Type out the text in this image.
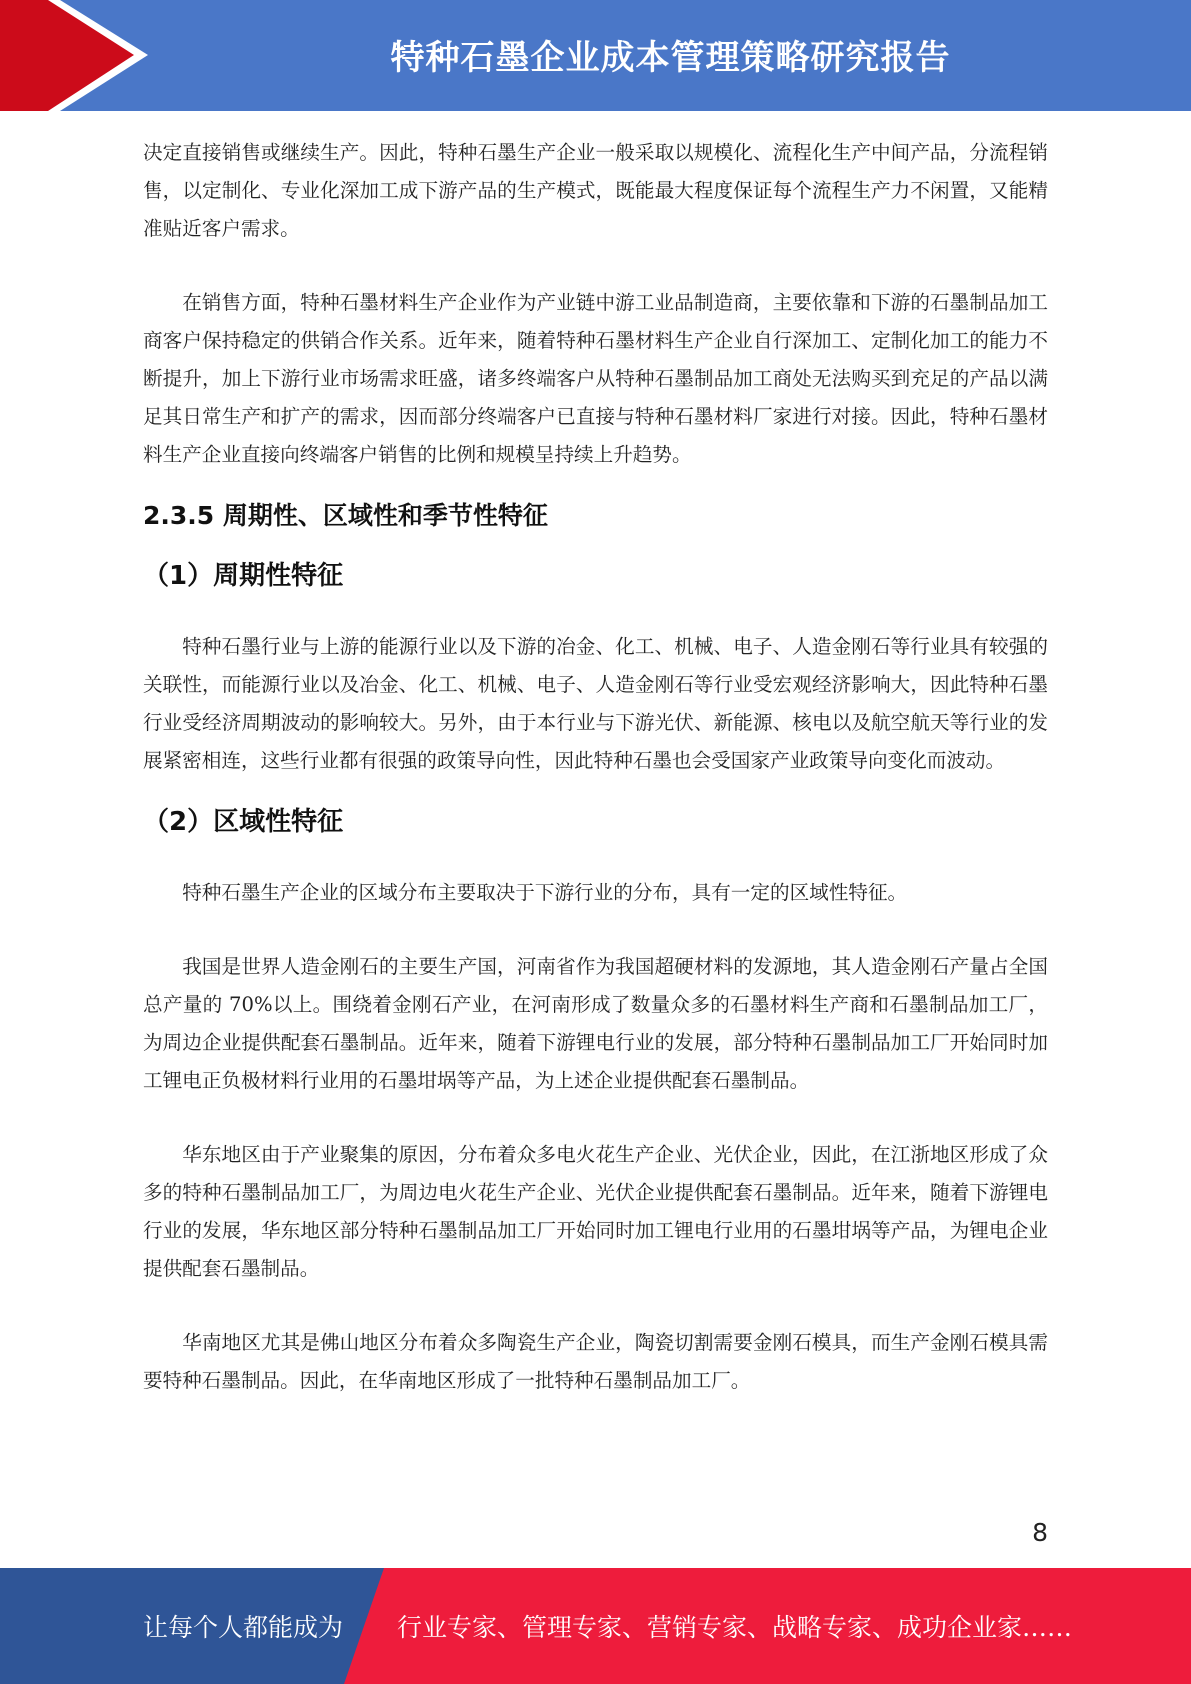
特种石墨企业成本管理策略研究报告

决定直接销售或继续生产。因此，特种石墨生产企业一般采取以规模化、流程化生产中间产品，分流程销售，以定制化、专业化深加工成下游产品的生产模式，既能最大程度保证每个流程生产力不闲置，又能精准贴近客户需求。

在销售方面，特种石墨材料生产企业作为产业链中游工业品制造商，主要依靠和下游的石墨制品加工商客户保持稳定的供销合作关系。近年来，随着特种石墨材料生产企业自行深加工、定制化加工的能力不断提升，加上下游行业市场需求旺盛，诸多终端客户从特种石墨制品加工商处无法购买到充足的产品以满足其日常生产和扩产的需求，因而部分终端客户已直接与特种石墨材料厂家进行对接。因此，特种石墨材料生产企业直接向终端客户销售的比例和规模呈持续上升趋势。

2.3.5 周期性、区域性和季节性特征
（1）周期性特征

特种石墨行业与上游的能源行业以及下游的冶金、化工、机械、电子、人造金刚石等行业具有较强的关联性，而能源行业以及冶金、化工、机械、电子、人造金刚石等行业受宏观经济影响大，因此特种石墨行业受经济周期波动的影响较大。另外，由于本行业与下游光伏、新能源、核电以及航空航天等行业的发展紧密相连，这些行业都有很强的政策导向性，因此特种石墨也会受国家产业政策导向变化而波动。

（2）区域性特征

特种石墨生产企业的区域分布主要取决于下游行业的分布，具有一定的区域性特征。

我国是世界人造金刚石的主要生产国，河南省作为我国超硬材料的发源地，其人造金刚石产量占全国总产量的 70%以上。围绕着金刚石产业，在河南形成了数量众多的石墨材料生产商和石墨制品加工厂，为周边企业提供配套石墨制品。近年来，随着下游锂电行业的发展，部分特种石墨制品加工厂开始同时加工锂电正负极材料行业用的石墨坩埚等产品，为上述企业提供配套石墨制品。

华东地区由于产业聚集的原因，分布着众多电火花生产企业、光伏企业，因此，在江浙地区形成了众多的特种石墨制品加工厂，为周边电火花生产企业、光伏企业提供配套石墨制品。近年来，随着下游锂电行业的发展，华东地区部分特种石墨制品加工厂开始同时加工锂电行业用的石墨坩埚等产品，为锂电企业提供配套石墨制品。

华南地区尤其是佛山地区分布着众多陶瓷生产企业，陶瓷切割需要金刚石模具，而生产金刚石模具需要特种石墨制品。因此，在华南地区形成了一批特种石墨制品加工厂。

8
让每个人都能成为 行业专家、管理专家、营销专家、战略专家、成功企业家……
